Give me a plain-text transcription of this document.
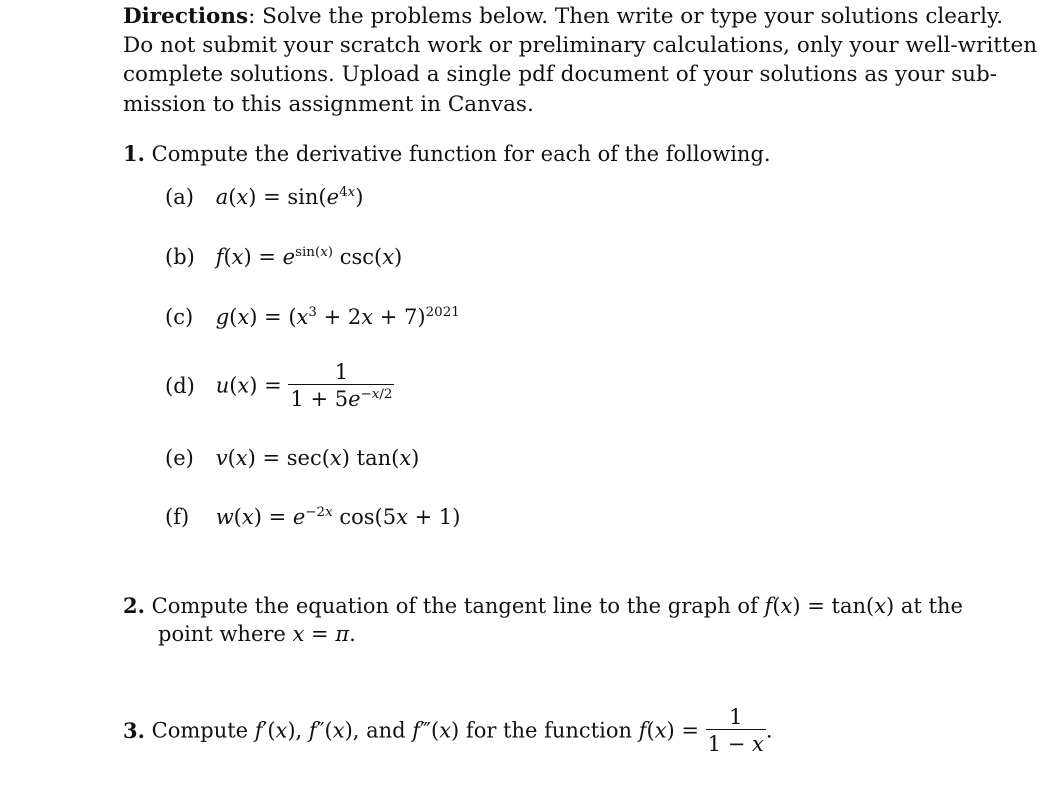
Directions: Solve the problems below. Then write or type your solutions clearly.
Do not submit your scratch work or preliminary calculations, only your well-written
complete solutions. Upload a single pdf document of your solutions as your sub-
mission to this assignment in Canvas.
1. Compute the derivative function for each of the following.
(a) $a(x) = \sin(e^{4x})$
(b) $f(x) = e^{sin(x)}$ csc(x)
(c) $g(x) = (x^3 + 2x + 7)^{2021}$
(d) $u(x) = \frac{1}{1 + 5e^{-x/2}}$
(e) v(x) = sec(x) tan(x)
(f) $w(x) = e^{-2x}$ cos(5x + 1)
2. Compute the equation of the tangent line to the graph of f(x) = tan(x) at the
point where x = π.
3. Compute f′(x), f″(x), and f‴(x) for the function $f(x) = \frac{1}{1 - x}$ .
